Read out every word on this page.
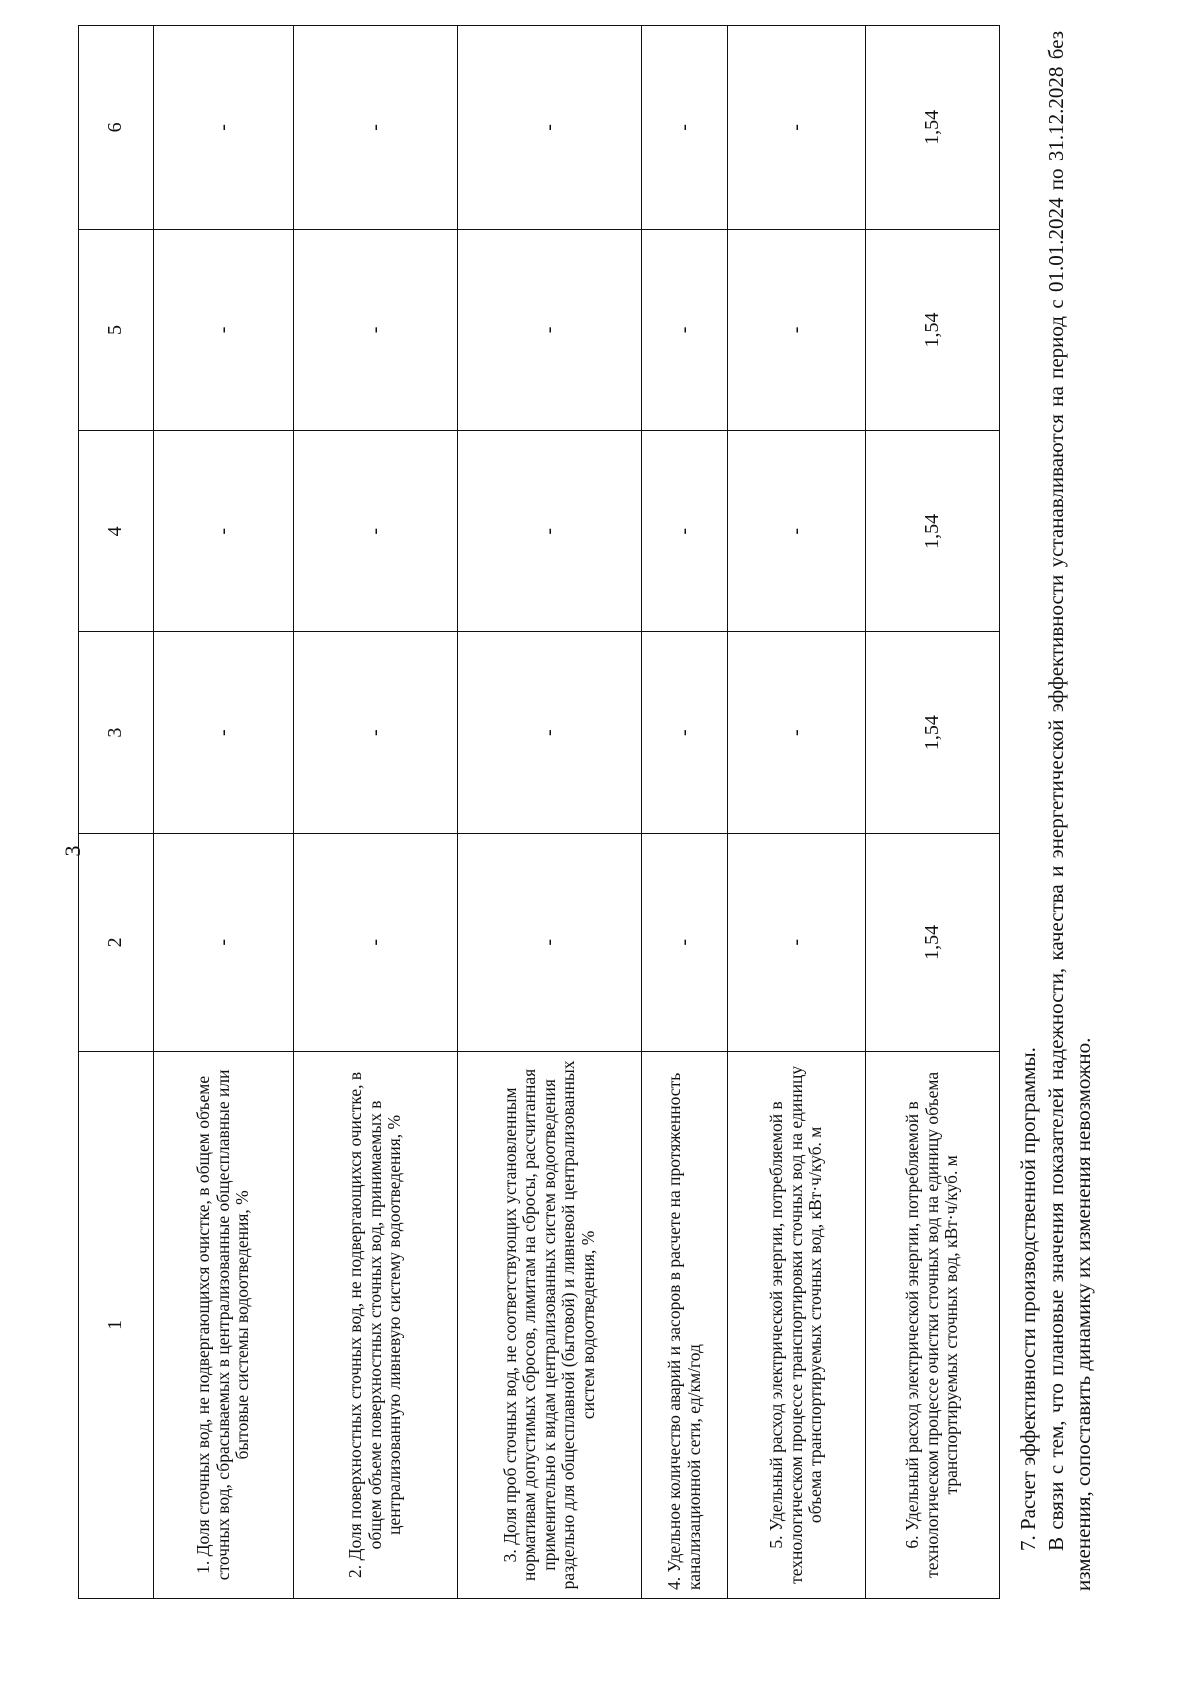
3
1	2	3	4	5	6
1. Доля сточных вод, не подвергающихся очистке, в общем объеме сточных вод, сбрасываемых в централизованные общесплавные или бытовые системы водоотведения, %	-	-	-	-	-
2. Доля поверхностных сточных вод, не подвергающихся очистке, в общем объеме поверхностных сточных вод, принимаемых в централизованную ливневую систему водоотведения, %	-	-	-	-	-
3. Доля проб сточных вод, не соответствующих установленным нормативам допустимых сбросов, лимитам на сбросы, рассчитанная применительно к видам централизованных систем водоотведения раздельно для общесплавной (бытовой) и ливневой централизованных систем водоотведения, %	-	-	-	-	-
4. Удельное количество аварий и засоров в расчете на протяженность канализационной сети, ед/км/год	-	-	-	-	-
5. Удельный расход электрической энергии, потребляемой в технологическом процессе транспортировки сточных вод на единицу объема транспортируемых сточных вод, кВт·ч/куб. м	-	-	-	-	-
6. Удельный расход электрической энергии, потребляемой в технологическом процессе очистки сточных вод на единицу объема транспортируемых сточных вод, кВт·ч/куб. м	1,54	1,54	1,54	1,54	1,54
7. Расчет эффективности производственной программы. В связи с тем, что плановые значения показателей надежности, качества и энергетической эффективности устанавливаются на период с 01.01.2024 по 31.12.2028 без изменения, сопоставить динамику их изменения невозможно.
